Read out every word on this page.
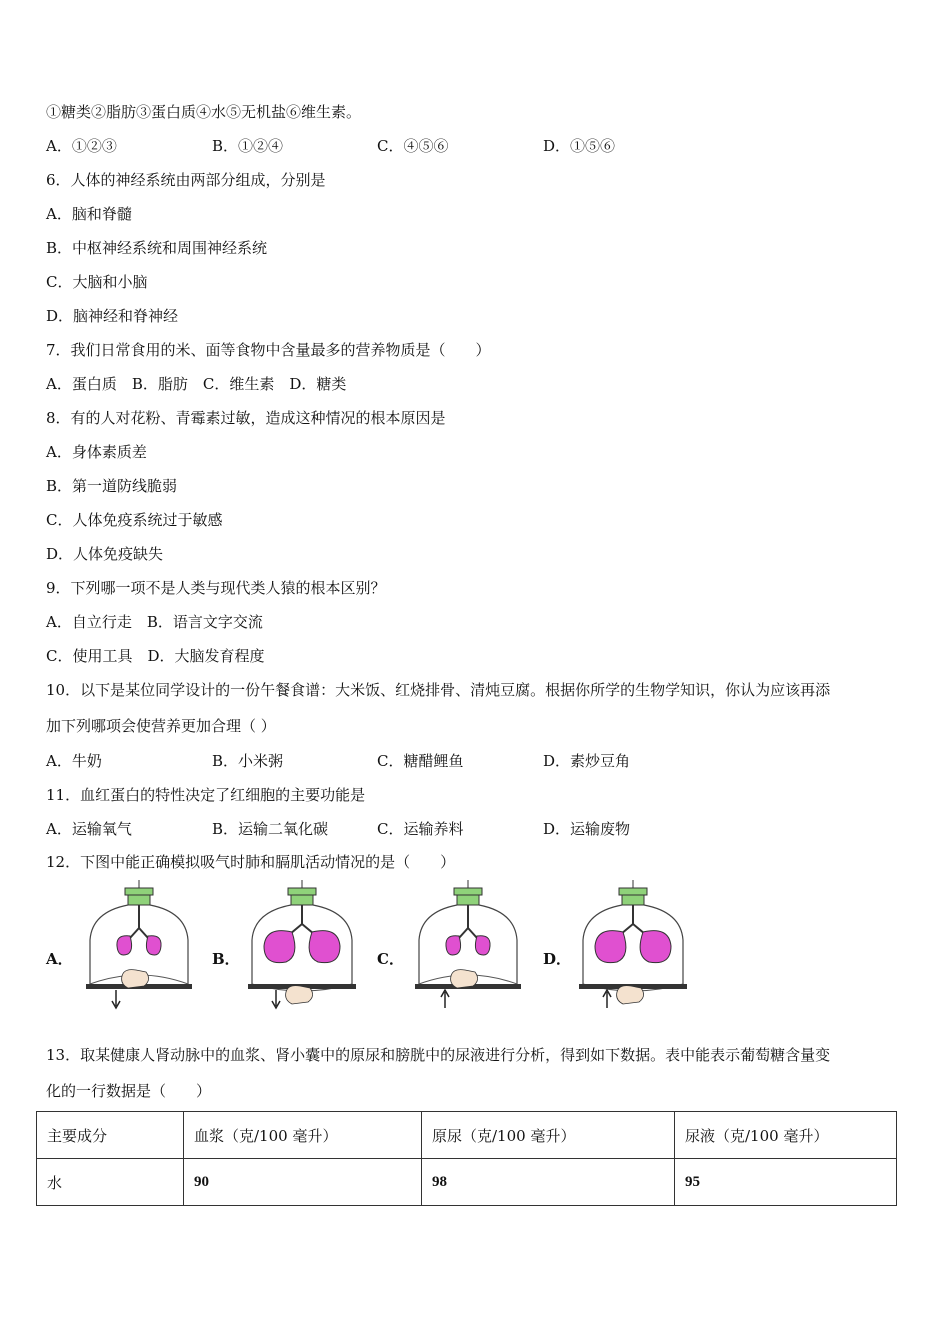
①糖类②脂肪③蛋白质④水⑤无机盐⑥维生素。
A．①②③	B．①②④	C．④⑤⑥	D．①⑤⑥
6．人体的神经系统由两部分组成，分别是
A．脑和脊髓
B．中枢神经系统和周围神经系统
C．大脑和小脑
D．脑神经和脊神经
7．我们日常食用的米、面等食物中含量最多的营养物质是（　　）
A．蛋白质　B．脂肪　C．维生素　D．糖类
8．有的人对花粉、青霉素过敏，造成这种情况的根本原因是
A．身体素质差
B．第一道防线脆弱
C．人体免疫系统过于敏感
D．人体免疫缺失
9．下列哪一项不是人类与现代类人猿的根本区别？
A．自立行走　B．语言文字交流
C．使用工具　D．大脑发育程度
10．以下是某位同学设计的一份午餐食谱：大米饭、红烧排骨、清炖豆腐。根据你所学的生物学知识，你认为应该再添
加下列哪项会使营养更加合理（ ）
A．牛奶	B．小米粥	C．糖醋鲤鱼	D．素炒豆角
11．血红蛋白的特性决定了红细胞的主要功能是
A．运输氧气	B．运输二氧化碳	C．运输养料	D．运输废物
12．下图中能正确模拟吸气时肺和膈肌活动情况的是（　　）
A．	B．	C．	D．
13．取某健康人肾动脉中的血浆、肾小囊中的原尿和膀胱中的尿液进行分析，得到如下数据。表中能表示葡萄糖含量变
化的一行数据是（　　）
主要成分	血浆（克/100 毫升）	原尿（克/100 毫升）	尿液（克/100 毫升）
水	90	98	95
